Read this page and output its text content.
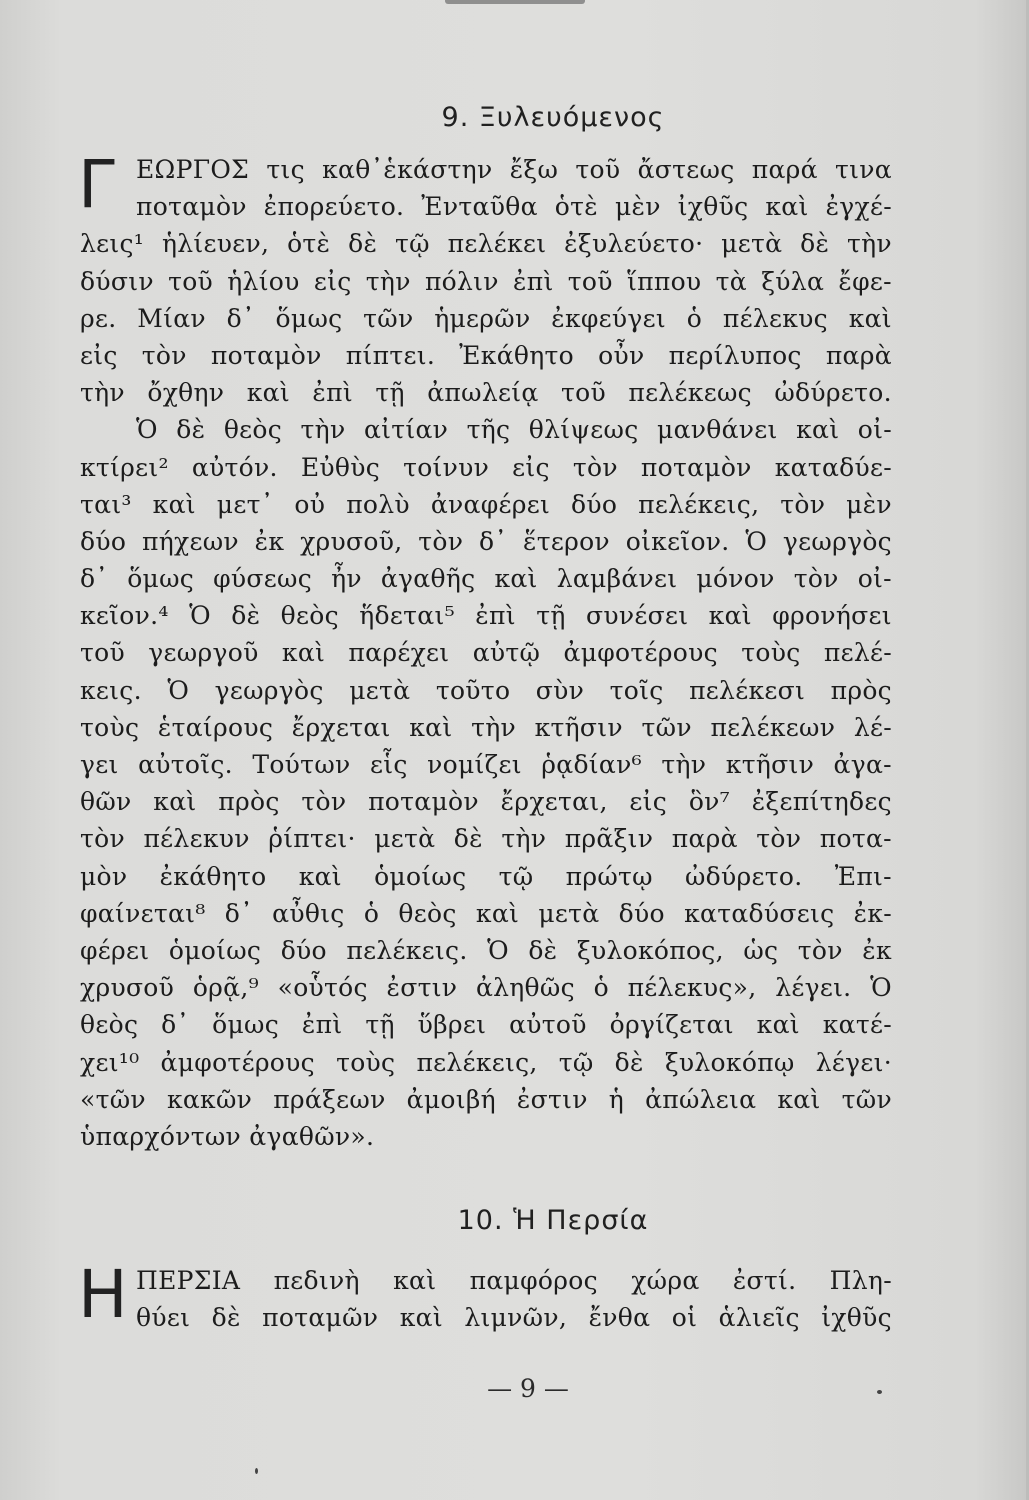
9. Ξυλευόμενος
Γ ΕΩΡΓΟΣ τις καθ᾿ἑκάστην ἔξω τοῦ ἄστεως παρά τινα
ποταμὸν ἐπορεύετο. Ἐνταῦθα ὁτὲ μὲν ἰχθῦς καὶ ἐγχέ-
λεις¹ ἡλίευεν, ὁτὲ δὲ τῷ πελέκει ἐξυλεύετο· μετὰ δὲ τὴν
δύσιν τοῦ ἡλίου εἰς τὴν πόλιν ἐπὶ τοῦ ἵππου τὰ ξύλα ἔφε-
ρε. Μίαν δ᾿ ὅμως τῶν ἡμερῶν ἐκφεύγει ὁ πέλεκυς καὶ
εἰς τὸν ποταμὸν πίπτει. Ἐκάθητο οὖν περίλυπος παρὰ
τὴν ὄχθην καὶ ἐπὶ τῇ ἀπωλείᾳ τοῦ πελέκεως ὠδύρετο.
Ὁ δὲ θεὸς τὴν αἰτίαν τῆς θλίψεως μανθάνει καὶ οἰ-
κτίρει² αὐτόν. Εὐθὺς τοίνυν εἰς τὸν ποταμὸν καταδύε-
ται³ καὶ μετ᾿ οὐ πολὺ ἀναφέρει δύο πελέκεις, τὸν μὲν
δύο πήχεων ἐκ χρυσοῦ, τὸν δ᾿ ἕτερον οἰκεῖον. Ὁ γεωργὸς
δ᾿ ὅμως φύσεως ἦν ἀγαθῆς καὶ λαμβάνει μόνον τὸν οἰ-
κεῖον.⁴ Ὁ δὲ θεὸς ἥδεται⁵ ἐπὶ τῇ συνέσει καὶ φρονήσει
τοῦ γεωργοῦ καὶ παρέχει αὐτῷ ἀμφοτέρους τοὺς πελέ-
κεις. Ὁ γεωργὸς μετὰ τοῦτο σὺν τοῖς πελέκεσι πρὸς
τοὺς ἑταίρους ἔρχεται καὶ τὴν κτῆσιν τῶν πελέκεων λέ-
γει αὐτοῖς. Τούτων εἷς νομίζει ῥᾳδίαν⁶ τὴν κτῆσιν ἀγα-
θῶν καὶ πρὸς τὸν ποταμὸν ἔρχεται, εἰς ὃν⁷ ἐξεπίτηδες
τὸν πέλεκυν ῥίπτει· μετὰ δὲ τὴν πρᾶξιν παρὰ τὸν ποτα-
μὸν ἐκάθητο καὶ ὁμοίως τῷ πρώτῳ ὠδύρετο. Ἐπι-
φαίνεται⁸ δ᾿ αὖθις ὁ θεὸς καὶ μετὰ δύο καταδύσεις ἐκ-
φέρει ὁμοίως δύο πελέκεις. Ὁ δὲ ξυλοκόπος, ὡς τὸν ἐκ
χρυσοῦ ὁρᾷ,⁹ «οὗτός ἐστιν ἀληθῶς ὁ πέλεκυς», λέγει. Ὁ
θεὸς δ᾿ ὅμως ἐπὶ τῇ ὕβρει αὐτοῦ ὀργίζεται καὶ κατέ-
χει¹⁰ ἀμφοτέρους τοὺς πελέκεις, τῷ δὲ ξυλοκόπῳ λέγει·
«τῶν κακῶν πράξεων ἀμοιβή ἐστιν ἡ ἀπώλεια καὶ τῶν
ὑπαρχόντων ἀγαθῶν».
10. Ἡ Περσία
Η ΠΕΡΣΙΑ πεδινὴ καὶ παμφόρος χώρα ἐστί. Πλη-
θύει δὲ ποταμῶν καὶ λιμνῶν, ἔνθα οἱ ἁλιεῖς ἰχθῦς
— 9 —
